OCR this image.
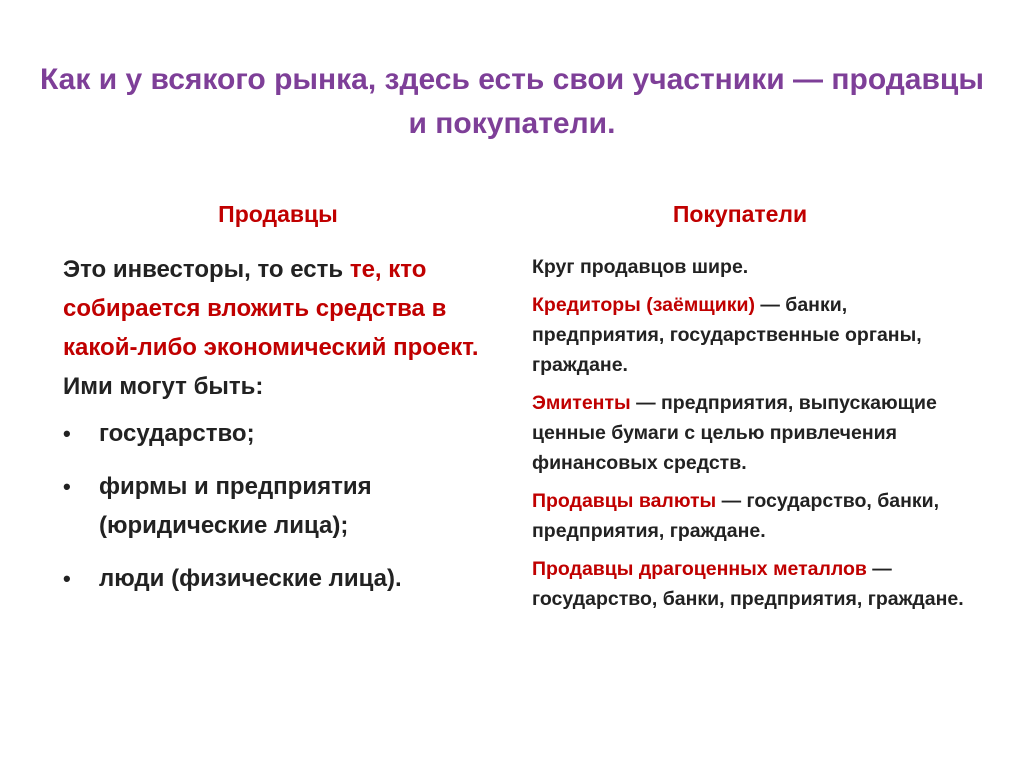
Как и у всякого рынка, здесь есть свои участники — продавцы и покупатели.
Продавцы	Покупатели
Это инвесторы, то есть те, кто собирается вложить средства в какой-либо экономический проект. Ими могут быть:
• государство;
• фирмы и предприятия (юридические лица);
• люди (физические лица).

Круг продавцов шире.

Кредиторы (заёмщики) — банки, предприятия, государственные органы, граждане.

Эмитенты — предприятия, выпускающие ценные бумаги с целью привлечения финансовых средств.

Продавцы валюты — государство, банки, предприятия, граждане.

Продавцы драгоценных металлов — государство, банки, предприятия, граждане.
